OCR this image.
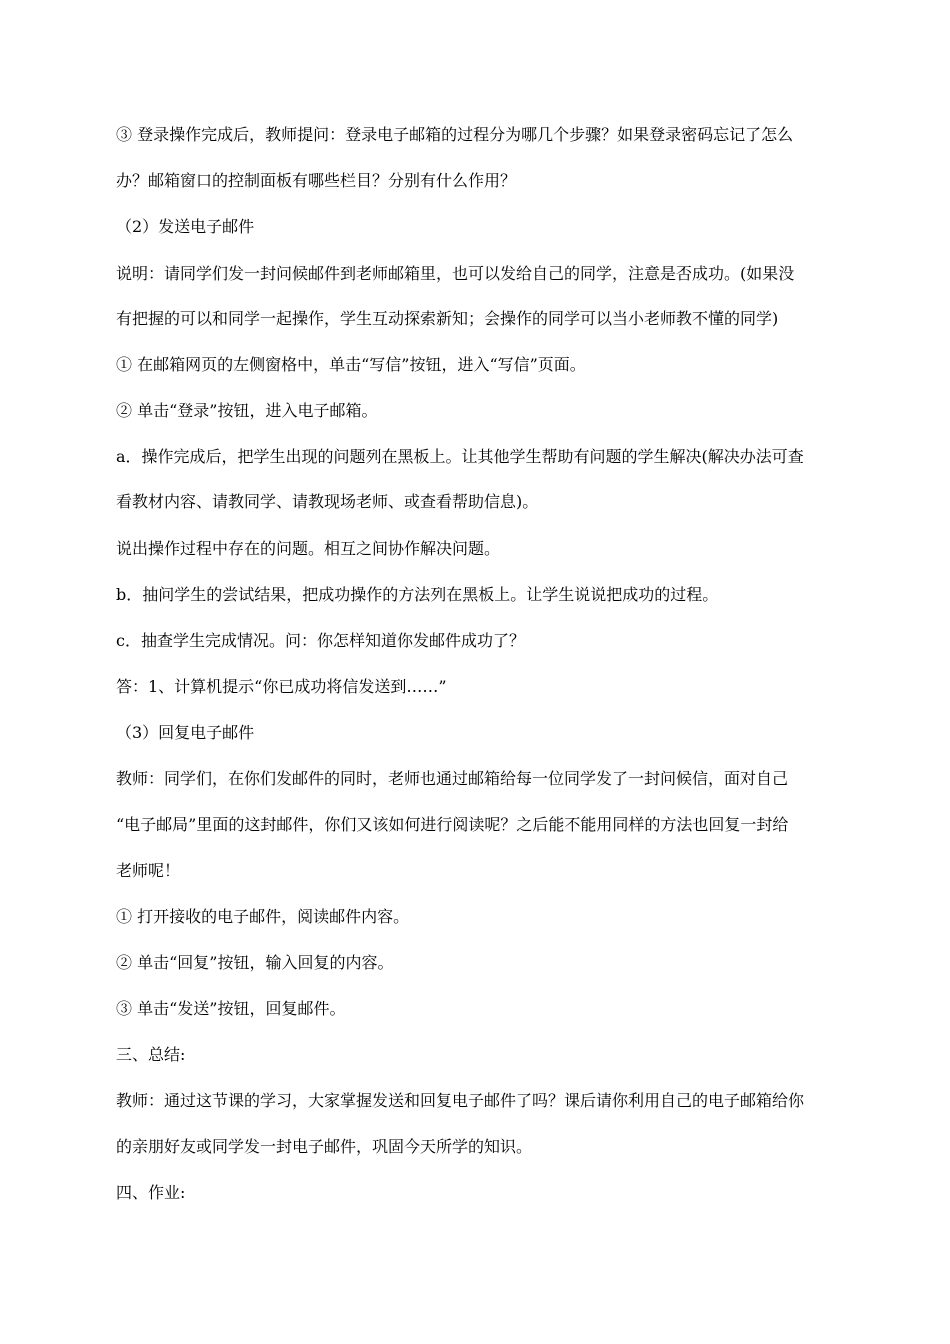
③ 登录操作完成后，教师提问：登录电子邮箱的过程分为哪几个步骤？如果登录密码忘记了怎么
办？邮箱窗口的控制面板有哪些栏目？分别有什么作用？
（2）发送电子邮件
说明：请同学们发一封问候邮件到老师邮箱里，也可以发给自己的同学，注意是否成功。(如果没
有把握的可以和同学一起操作，学生互动探索新知；会操作的同学可以当小老师教不懂的同学)
① 在邮箱网页的左侧窗格中，单击“写信”按钮，进入“写信”页面。
② 单击“登录”按钮，进入电子邮箱。
a．操作完成后，把学生出现的问题列在黑板上。让其他学生帮助有问题的学生解决(解决办法可查
看教材内容、请教同学、请教现场老师、或查看帮助信息)。
说出操作过程中存在的问题。相互之间协作解决问题。
b．抽问学生的尝试结果，把成功操作的方法列在黑板上。让学生说说把成功的过程。
c．抽查学生完成情况。问：你怎样知道你发邮件成功了？
答：1、计算机提示“你已成功将信发送到……”
（3）回复电子邮件
教师：同学们，在你们发邮件的同时，老师也通过邮箱给每一位同学发了一封问候信，面对自己
“电子邮局”里面的这封邮件，你们又该如何进行阅读呢？之后能不能用同样的方法也回复一封给
老师呢！
① 打开接收的电子邮件，阅读邮件内容。
② 单击“回复”按钮，输入回复的内容。
③ 单击“发送”按钮，回复邮件。
三、总结:
教师：通过这节课的学习，大家掌握发送和回复电子邮件了吗？课后请你利用自己的电子邮箱给你
的亲朋好友或同学发一封电子邮件，巩固今天所学的知识。
四、作业:
